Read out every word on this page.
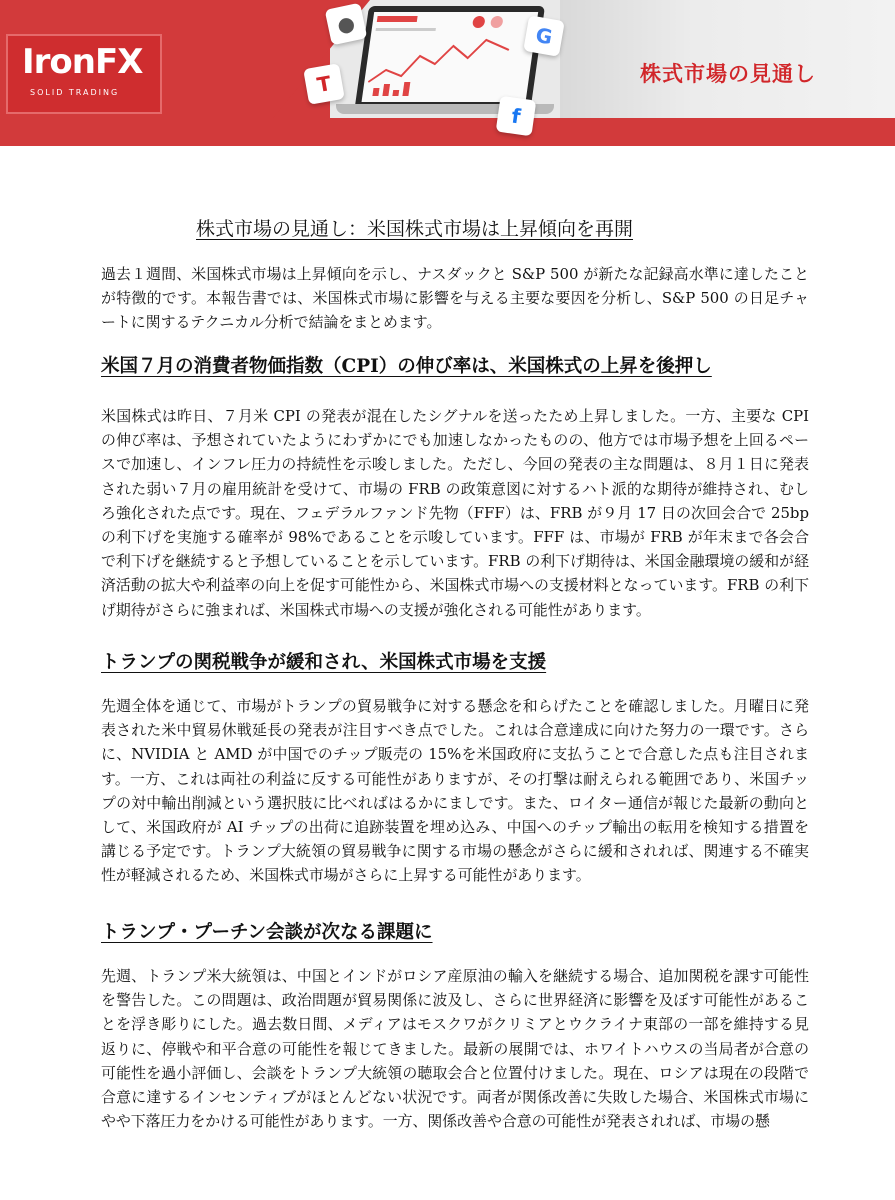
●	G
T
f
IronFX
SOLID TRADING
株式市場の見通し
株式市場の見通し：米国株式市場は上昇傾向を再開

過去１週間、米国株式市場は上昇傾向を示し、ナスダックと S&P 500 が新たな記録高水準に達したことが特徴的です。本報告書では、米国株式市場に影響を与える主要な要因を分析し、S&P 500 の日足チャートに関するテクニカル分析で結論をまとめます。

米国７月の消費者物価指数（CPI）の伸び率は、米国株式の上昇を後押し

米国株式は昨日、７月米 CPI の発表が混在したシグナルを送ったため上昇しました。一方、主要な CPI の伸び率は、予想されていたようにわずかにでも加速しなかったものの、他方では市場予想を上回るペースで加速し、インフレ圧力の持続性を示唆しました。ただし、今回の発表の主な問題は、８月１日に発表された弱い７月の雇用統計を受けて、市場の FRB の政策意図に対するハト派的な期待が維持され、むしろ強化された点です。現在、フェデラルファンド先物（FFF）は、FRB が９月 17 日の次回会合で 25bp の利下げを実施する確率が 98%であることを示唆しています。FFF は、市場が FRB が年末まで各会合で利下げを継続すると予想していることを示しています。FRB の利下げ期待は、米国金融環境の緩和が経済活動の拡大や利益率の向上を促す可能性から、米国株式市場への支援材料となっています。FRB の利下げ期待がさらに強まれば、米国株式市場への支援が強化される可能性があります。

トランプの関税戦争が緩和され、米国株式市場を支援

先週全体を通じて、市場がトランプの貿易戦争に対する懸念を和らげたことを確認しました。月曜日に発表された米中貿易休戦延長の発表が注目すべき点でした。これは合意達成に向けた努力の一環です。さらに、NVIDIA と AMD が中国でのチップ販売の 15%を米国政府に支払うことで合意した点も注目されます。一方、これは両社の利益に反する可能性がありますが、その打撃は耐えられる範囲であり、米国チップの対中輸出削減という選択肢に比べればはるかにましです。また、ロイター通信が報じた最新の動向として、米国政府が AI チップの出荷に追跡装置を埋め込み、中国へのチップ輸出の転用を検知する措置を講じる予定です。トランプ大統領の貿易戦争に関する市場の懸念がさらに緩和されれば、関連する不確実性が軽減されるため、米国株式市場がさらに上昇する可能性があります。

トランプ・プーチン会談が次なる課題に

先週、トランプ米大統領は、中国とインドがロシア産原油の輸入を継続する場合、追加関税を課す可能性を警告した。この問題は、政治問題が貿易関係に波及し、さらに世界経済に影響を及ぼす可能性があることを浮き彫りにした。過去数日間、メディアはモスクワがクリミアとウクライナ東部の一部を維持する見返りに、停戦や和平合意の可能性を報じてきました。最新の展開では、ホワイトハウスの当局者が合意の可能性を過小評価し、会談をトランプ大統領の聴取会合と位置付けました。現在、ロシアは現在の段階で合意に達するインセンティブがほとんどない状況です。両者が関係改善に失敗した場合、米国株式市場にやや下落圧力をかける可能性があります。一方、関係改善や合意の可能性が発表されれば、市場の懸
